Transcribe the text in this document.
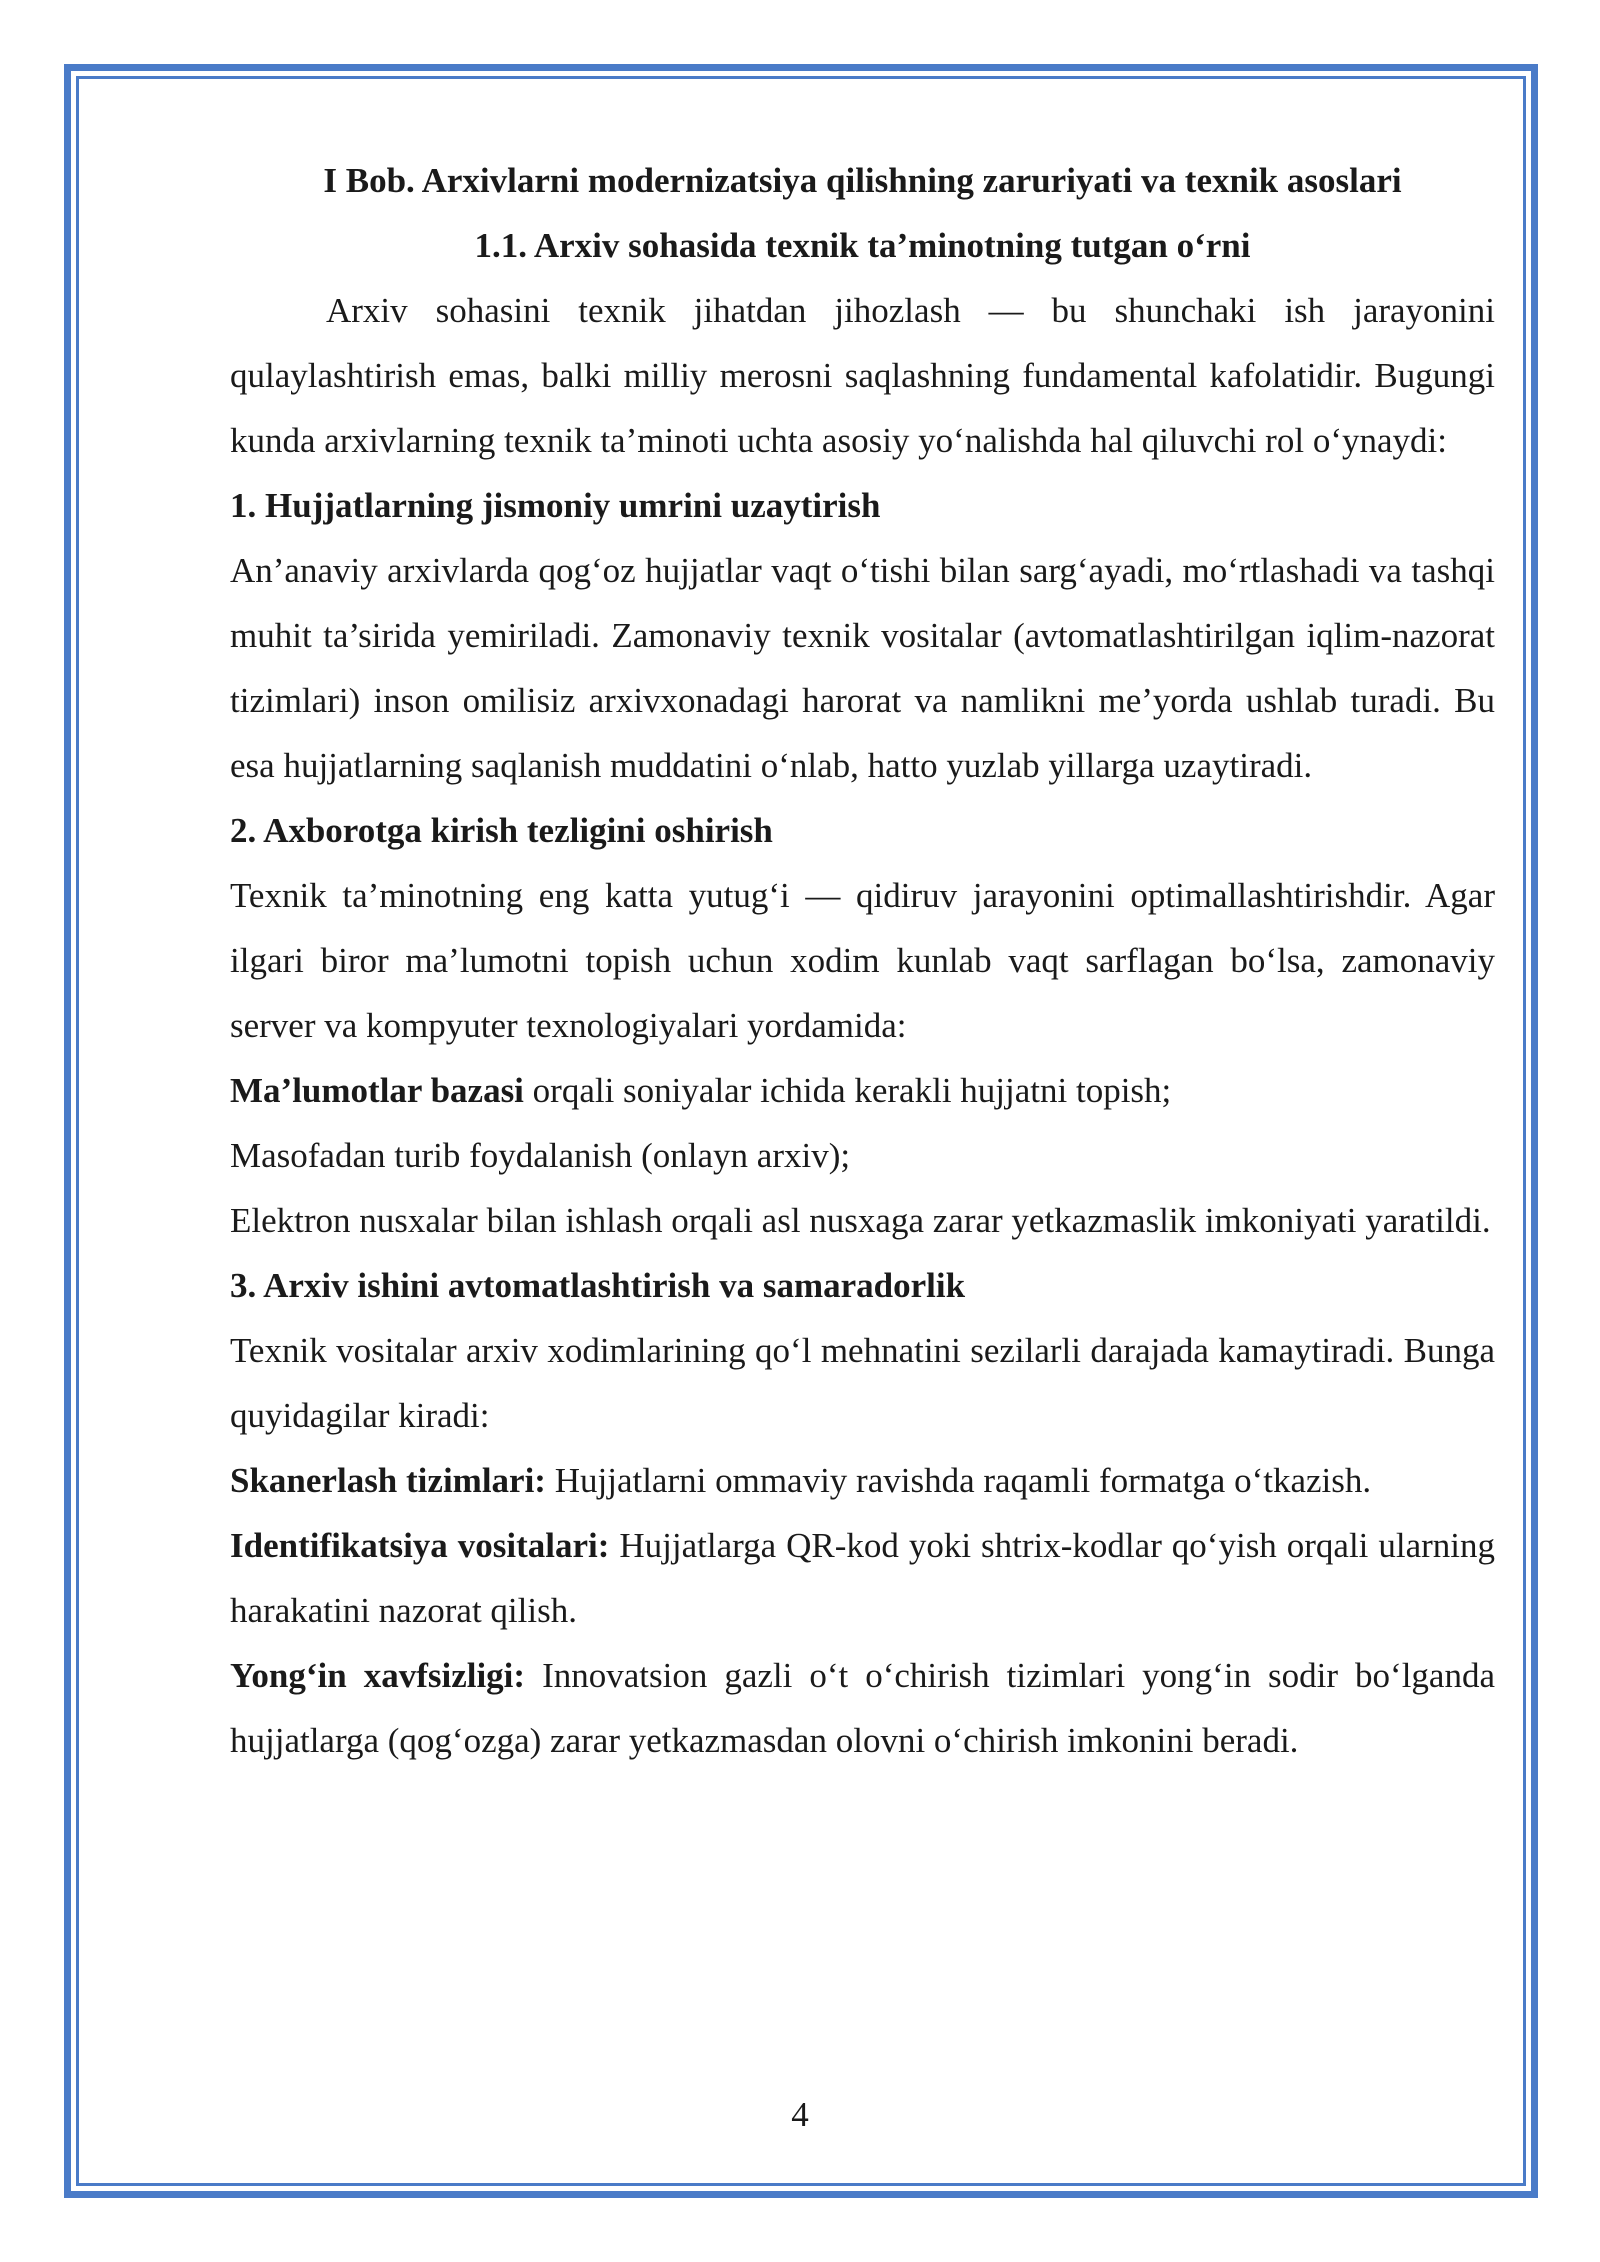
I Bob. Arxivlarni modernizatsiya qilishning zaruriyati va texnik asoslari
1.1. Arxiv sohasida texnik ta’minotning tutgan o‘rni

Arxiv sohasini texnik jihatdan jihozlash — bu shunchaki ish jarayonini qulaylashtirish emas, balki milliy merosni saqlashning fundamental kafolatidir. Bugungi kunda arxivlarning texnik ta’minoti uchta asosiy yo‘nalishda hal qiluvchi rol o‘ynaydi:

1. Hujjatlarning jismoniy umrini uzaytirish

An’anaviy arxivlarda qog‘oz hujjatlar vaqt o‘tishi bilan sarg‘ayadi, mo‘rtlashadi va tashqi muhit ta’sirida yemiriladi. Zamonaviy texnik vositalar (avtomatlashtirilgan iqlim-nazorat tizimlari) inson omilisiz arxivxonadagi harorat va namlikni me’yorda ushlab turadi. Bu esa hujjatlarning saqlanish muddatini o‘nlab, hatto yuzlab yillarga uzaytiradi.

2. Axborotga kirish tezligini oshirish

Texnik ta’minotning eng katta yutug‘i — qidiruv jarayonini optimallashtirishdir. Agar ilgari biror ma’lumotni topish uchun xodim kunlab vaqt sarflagan bo‘lsa, zamonaviy server va kompyuter texnologiyalari yordamida:

Ma’lumotlar bazasi orqali soniyalar ichida kerakli hujjatni topish;

Masofadan turib foydalanish (onlayn arxiv);

Elektron nusxalar bilan ishlash orqali asl nusxaga zarar yetkazmaslik imkoniyati yaratildi.

3. Arxiv ishini avtomatlashtirish va samaradorlik

Texnik vositalar arxiv xodimlarining qo‘l mehnatini sezilarli darajada kamaytiradi. Bunga quyidagilar kiradi:

Skanerlash tizimlari: Hujjatlarni ommaviy ravishda raqamli formatga o‘tkazish.

Identifikatsiya vositalari: Hujjatlarga QR-kod yoki shtrix-kodlar qo‘yish orqali ularning harakatini nazorat qilish.

Yong‘in xavfsizligi: Innovatsion gazli o‘t o‘chirish tizimlari yong‘in sodir bo‘lganda hujjatlarga (qog‘ozga) zarar yetkazmasdan olovni o‘chirish imkonini beradi.

4
